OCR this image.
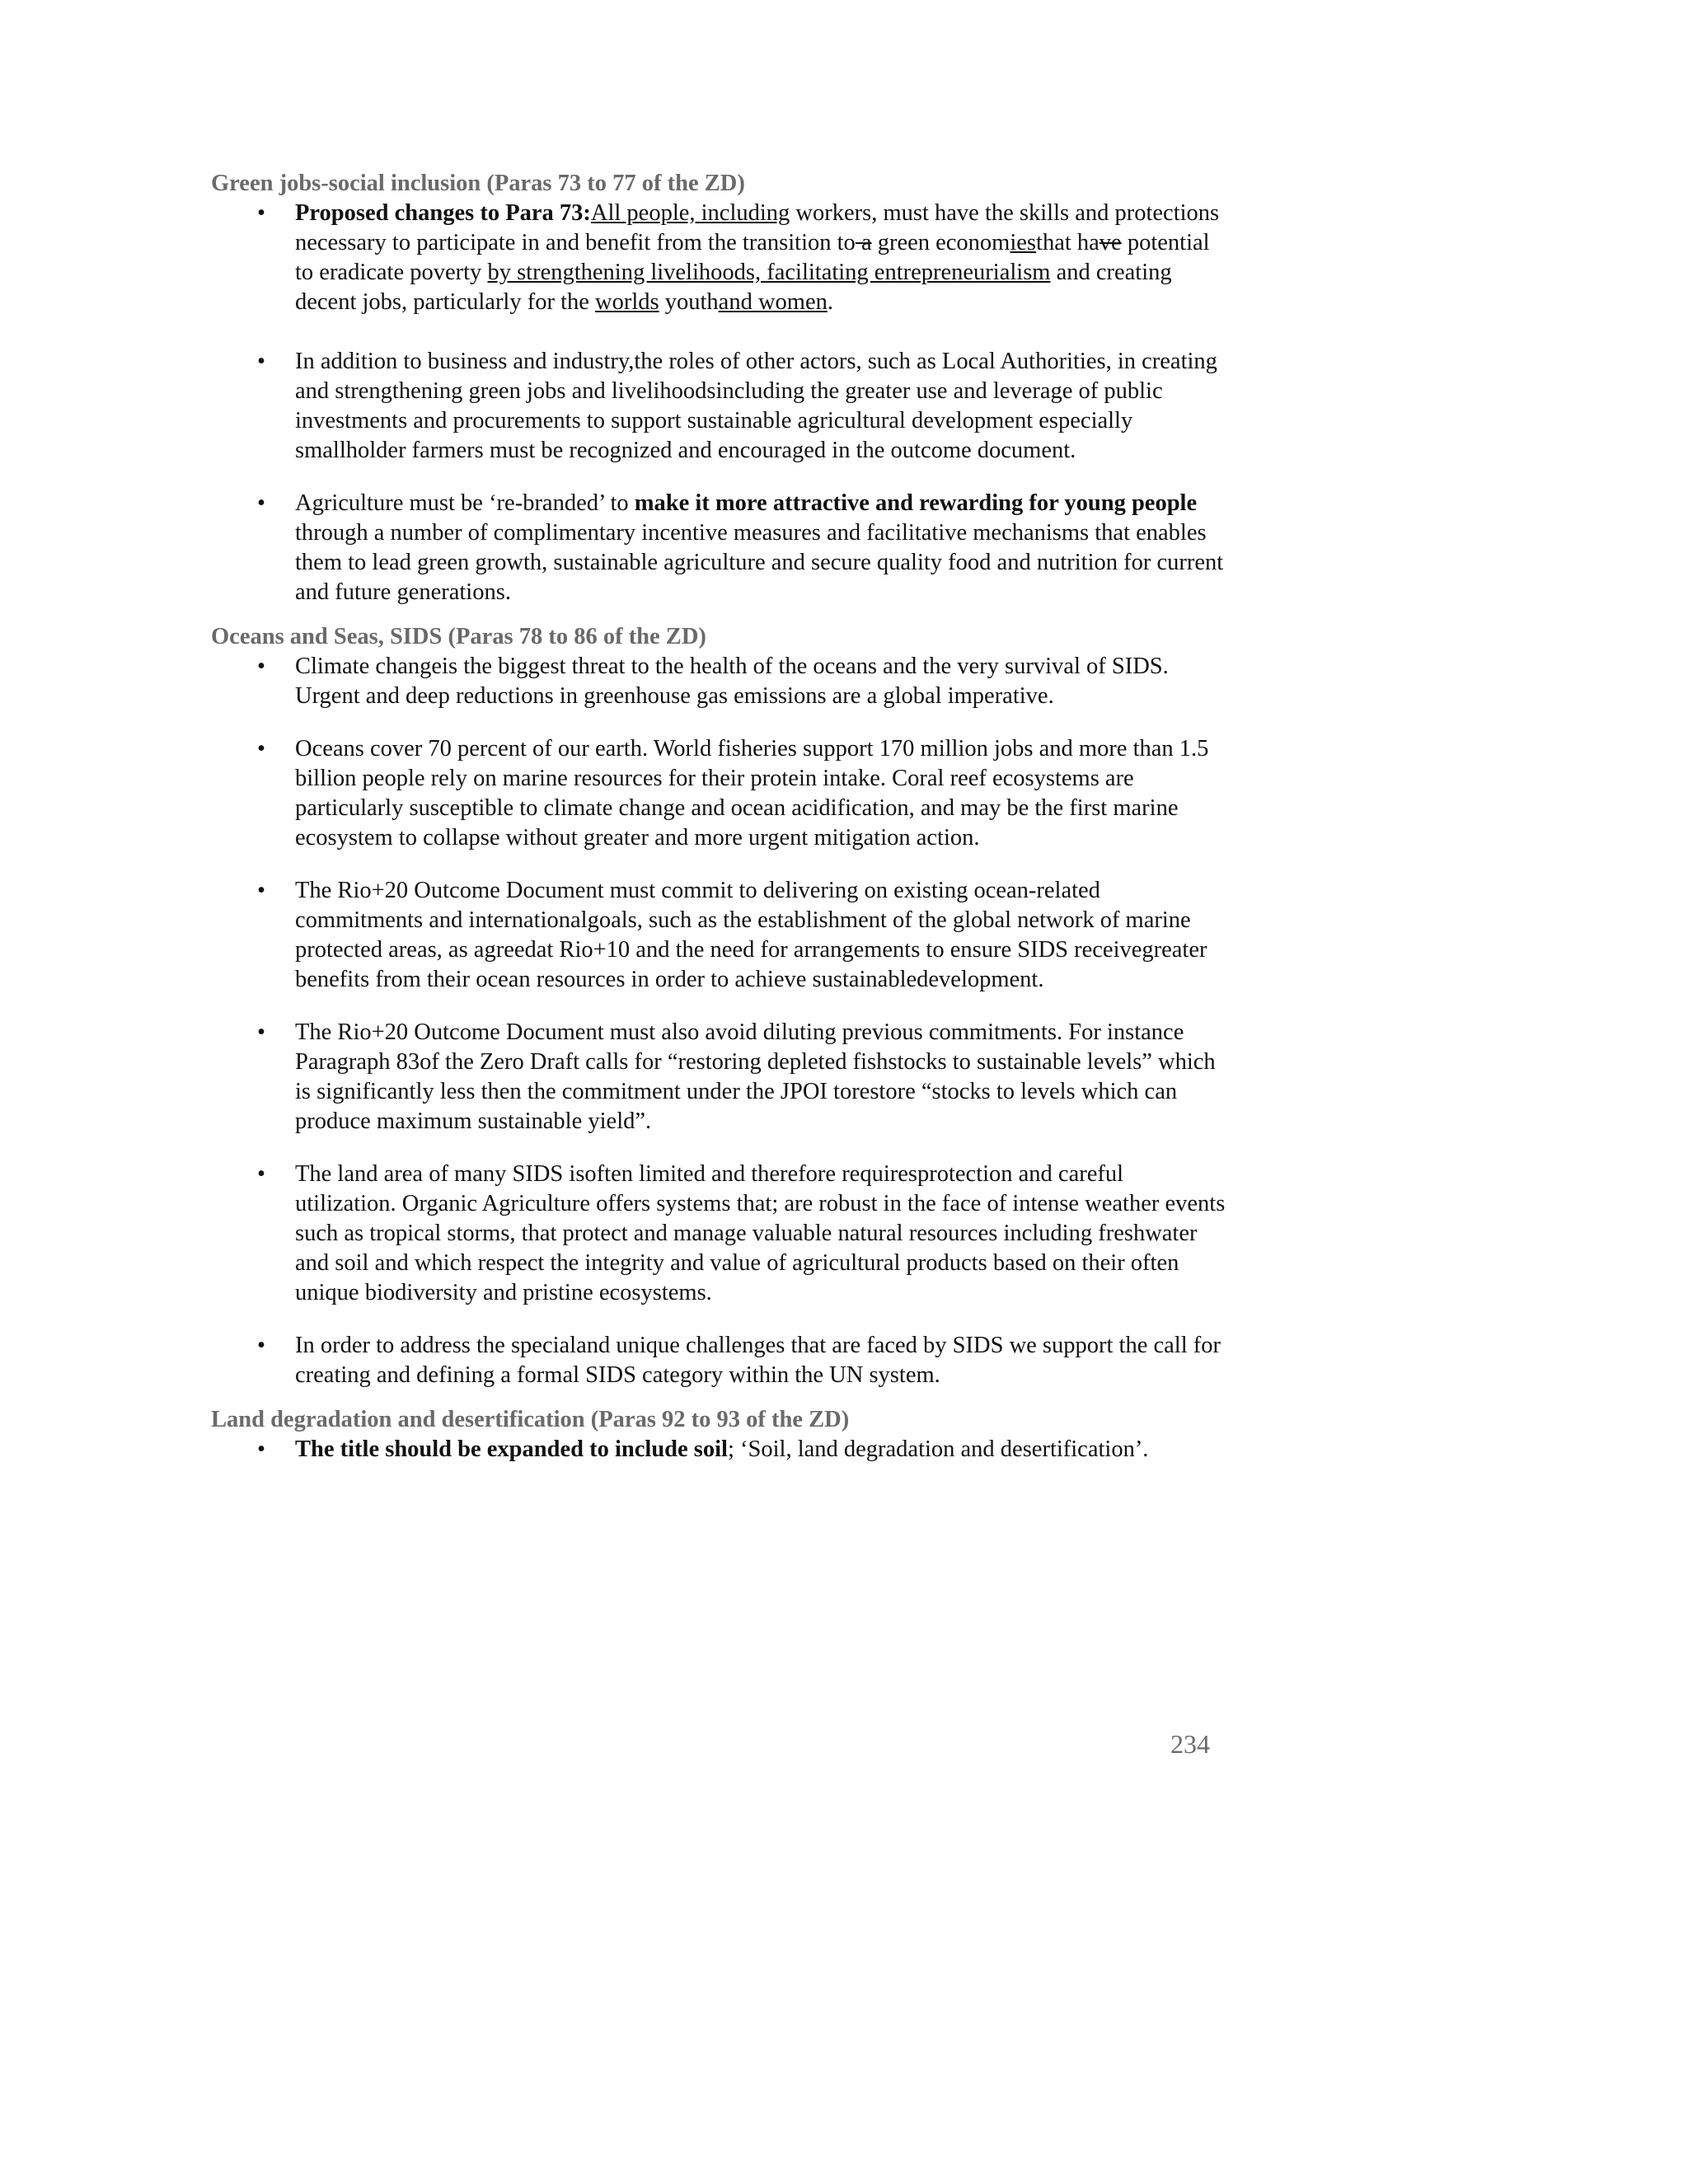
Green jobs-social inclusion (Paras 73 to 77 of the ZD)

• Proposed changes to Para 73:All people, including workers, must have the skills and protections necessary to participate in and benefit from the transition to a green economiesthat have potential to eradicate poverty by strengthening livelihoods, facilitating entrepreneurialism and creating decent jobs, particularly for the worlds youthand women.
• In addition to business and industry,the roles of other actors, such as Local Authorities, in creating and strengthening green jobs and livelihoodsincluding the greater use and leverage of public investments and procurements to support sustainable agricultural development especially smallholder farmers must be recognized and encouraged in the outcome document.
• Agriculture must be ‘re-branded’ to make it more attractive and rewarding for young people through a number of complimentary incentive measures and facilitative mechanisms that enables them to lead green growth, sustainable agriculture and secure quality food and nutrition for current and future generations.

Oceans and Seas, SIDS (Paras 78 to 86 of the ZD)

• Climate changeis the biggest threat to the health of the oceans and the very survival of SIDS. Urgent and deep reductions in greenhouse gas emissions are a global imperative.
• Oceans cover 70 percent of our earth. World fisheries support 170 million jobs and more than 1.5 billion people rely on marine resources for their protein intake. Coral reef ecosystems are particularly susceptible to climate change and ocean acidification, and may be the first marine ecosystem to collapse without greater and more urgent mitigation action.
• The Rio+20 Outcome Document must commit to delivering on existing ocean-related commitments and internationalgoals, such as the establishment of the global network of marine protected areas, as agreedat Rio+10 and the need for arrangements to ensure SIDS receivegreater benefits from their ocean resources in order to achieve sustainabledevelopment.
• The Rio+20 Outcome Document must also avoid diluting previous commitments. For instance Paragraph 83of the Zero Draft calls for “restoring depleted fishstocks to sustainable levels” which is significantly less then the commitment under the JPOI torestore “stocks to levels which can produce maximum sustainable yield”.
• The land area of many SIDS isoften limited and therefore requiresprotection and careful utilization. Organic Agriculture offers systems that; are robust in the face of intense weather events such as tropical storms, that protect and manage valuable natural resources including freshwater and soil and which respect the integrity and value of agricultural products based on their often unique biodiversity and pristine ecosystems.
• In order to address the specialand unique challenges that are faced by SIDS we support the call for creating and defining a formal SIDS category within the UN system.

Land degradation and desertification (Paras 92 to 93 of the ZD)

• The title should be expanded to include soil; ‘Soil, land degradation and desertification’.
234
